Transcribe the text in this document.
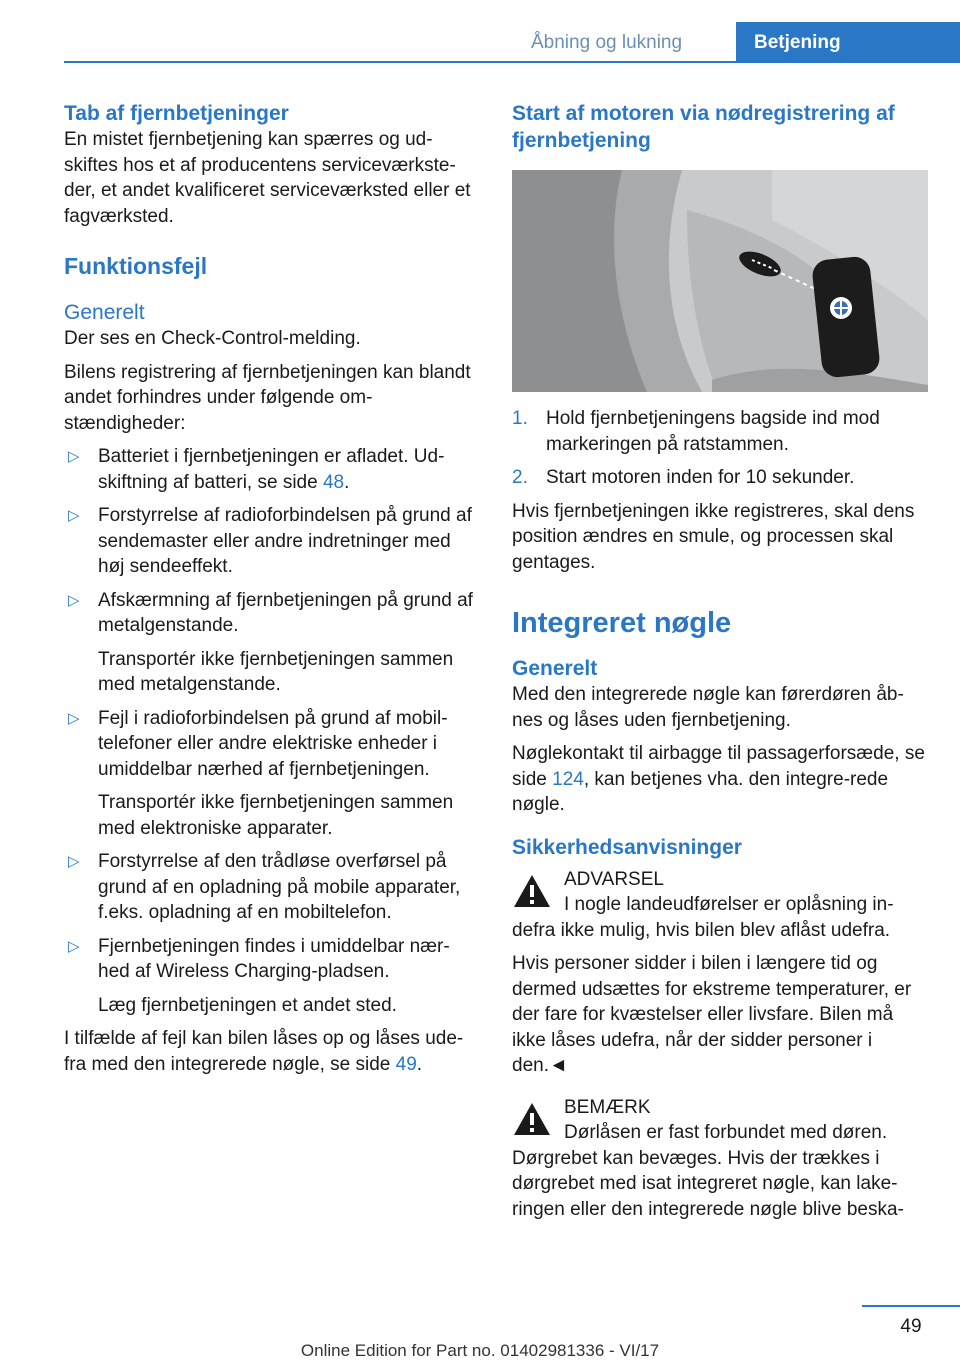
Åbning og lukning	Betjening
Tab af fjernbetjeninger

En mistet fjernbetjening kan spærres og ud-skiftes hos et af producentens serviceværkste-der, et andet kvalificeret serviceværksted eller et fagværksted.

Funktionsfejl
Generelt

Der ses en Check-Control-melding.

Bilens registrering af fjernbetjeningen kan blandt andet forhindres under følgende om-stændigheder:

▷ Batteriet i fjernbetjeningen er afladet. Ud-skiftning af batteri, se side 48.
▷ Forstyrrelse af radioforbindelsen på grund af sendemaster eller andre indretninger med høj sendeeffekt.
▷ Afskærmning af fjernbetjeningen på grund af metalgenstande.
Transportér ikke fjernbetjeningen sammen med metalgenstande.
▷ Fejl i radioforbindelsen på grund af mobil-telefoner eller andre elektriske enheder i umiddelbar nærhed af fjernbetjeningen.
Transportér ikke fjernbetjeningen sammen med elektroniske apparater.
▷ Forstyrrelse af den trådløse overførsel på grund af en opladning på mobile apparater, f.eks. opladning af en mobiltelefon.
▷ Fjernbetjeningen findes i umiddelbar nær-hed af Wireless Charging-pladsen.
Læg fjernbetjeningen et andet sted.

I tilfælde af fejl kan bilen låses op og låses ude-fra med den integrerede nøgle, se side 49.

Start af motoren via nødregistrering af fjernbetjening
1. Hold fjernbetjeningens bagside ind mod markeringen på ratstammen.
2. Start motoren inden for 10 sekunder.

Hvis fjernbetjeningen ikke registreres, skal dens position ændres en smule, og processen skal gentages.

Integreret nøgle
Generelt

Med den integrerede nøgle kan førerdøren åb-nes og låses uden fjernbetjening.

Nøglekontakt til airbagge til passagerforsæde, se side 124, kan betjenes vha. den integre-rede nøgle.

Sikkerhedsanvisninger
ADVARSEL

I nogle landeudførelser er oplåsning in-defra ikke mulig, hvis bilen blev aflåst udefra.

Hvis personer sidder i bilen i længere tid og dermed udsættes for ekstreme temperaturer, er der fare for kvæstelser eller livsfare. Bilen må ikke låses udefra, når der sidder personer i den.◄

BEMÆRK

Dørlåsen er fast forbundet med døren. Dørgrebet kan bevæges. Hvis der trækkes i dørgrebet med isat integreret nøgle, kan lake-ringen eller den integrerede nøgle blive beska-

49
Online Edition for Part no. 01402981336 - VI/17
